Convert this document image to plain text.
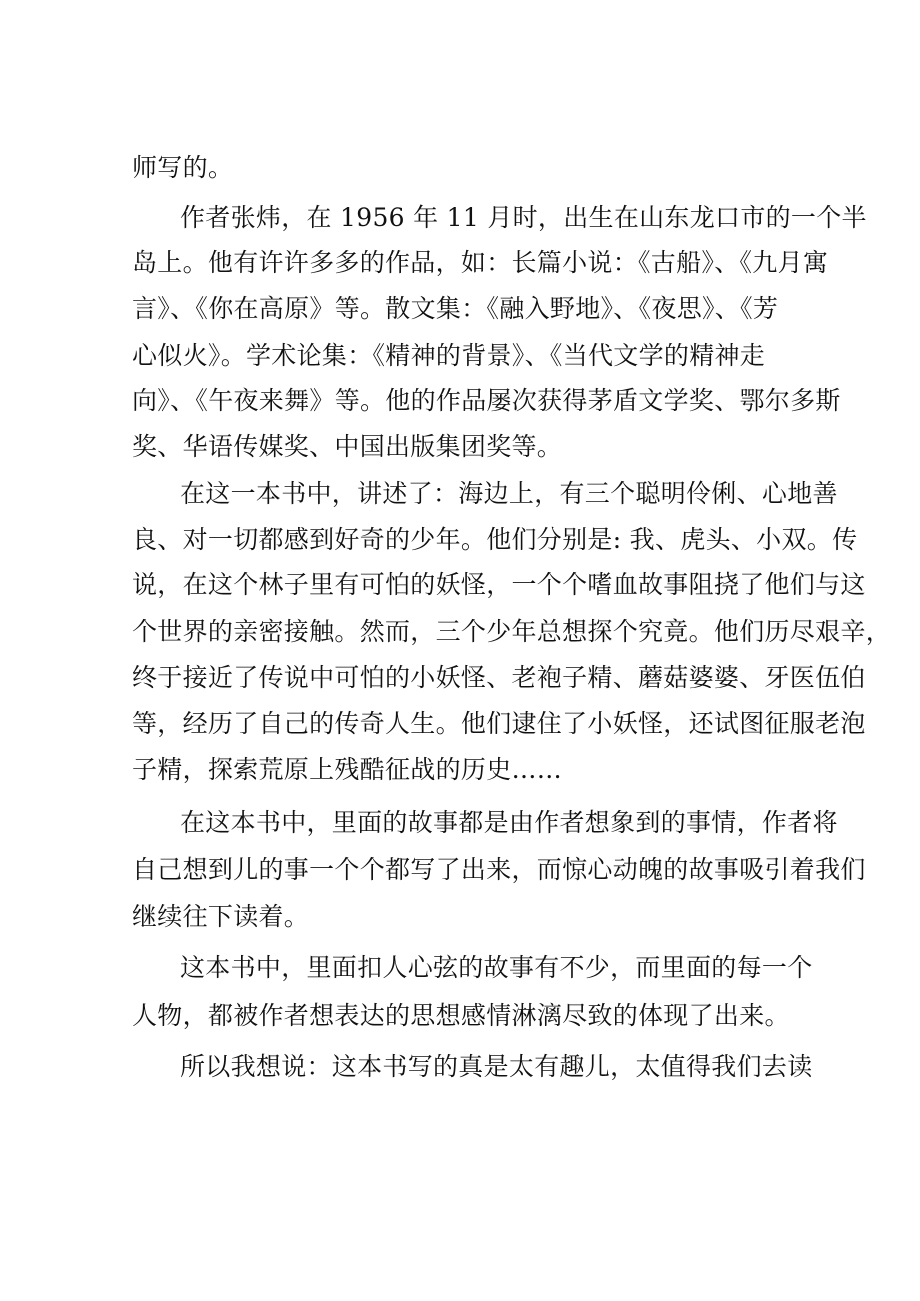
师写的。
作者张炜，在 1956 年 11 月时，出生在山东龙口市的一个半
岛上。他有许许多多的作品，如：长篇小说：《古船》、《九月寓
言》、《你在高原》等。散文集：《融入野地》、《夜思》、《芳
心似火》。学术论集：《精神的背景》、《当代文学的精神走
向》、《午夜来舞》等。他的作品屡次获得茅盾文学奖、鄂尔多斯
奖、华语传媒奖、中国出版集团奖等。
在这一本书中，讲述了：海边上，有三个聪明伶俐、心地善
良、对一切都感到好奇的少年。他们分别是: 我、虎头、小双。传
说，在这个林子里有可怕的妖怪，一个个嗜血故事阻挠了他们与这
个世界的亲密接触。然而，三个少年总想探个究竟。他们历尽艰辛，
终于接近了传说中可怕的小妖怪、老袍子精、蘑菇婆婆、牙医伍伯
等，经历了自己的传奇人生。他们逮住了小妖怪，还试图征服老泡
子精，探索荒原上残酷征战的历史……
在这本书中，里面的故事都是由作者想象到的事情，作者将
自己想到儿的事一个个都写了出来，而惊心动魄的故事吸引着我们
继续往下读着。
这本书中，里面扣人心弦的故事有不少，而里面的每一个
人物，都被作者想表达的思想感情淋漓尽致的体现了出来。
所以我想说：这本书写的真是太有趣儿，太值得我们去读
